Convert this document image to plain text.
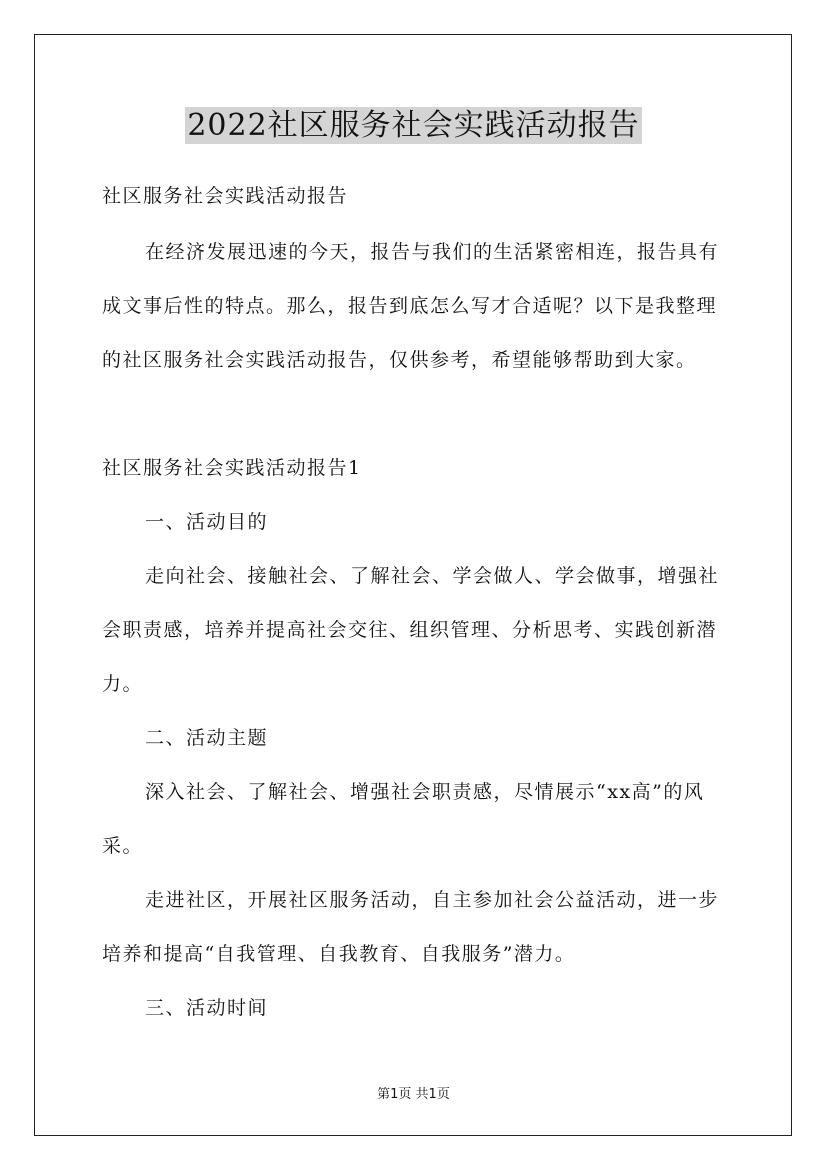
2022社区服务社会实践活动报告
社区服务社会实践活动报告
在经济发展迅速的今天，报告与我们的生活紧密相连，报告具有
成文事后性的特点。那么，报告到底怎么写才合适呢？以下是我整理
的社区服务社会实践活动报告，仅供参考，希望能够帮助到大家。
社区服务社会实践活动报告1
一、活动目的
走向社会、接触社会、了解社会、学会做人、学会做事，增强社
会职责感，培养并提高社会交往、组织管理、分析思考、实践创新潜
力。
二、活动主题
深入社会、了解社会、增强社会职责感，尽情展示“xx高”的风
采。
走进社区，开展社区服务活动，自主参加社会公益活动，进一步
培养和提高“自我管理、自我教育、自我服务”潜力。
三、活动时间
第1页 共1页
